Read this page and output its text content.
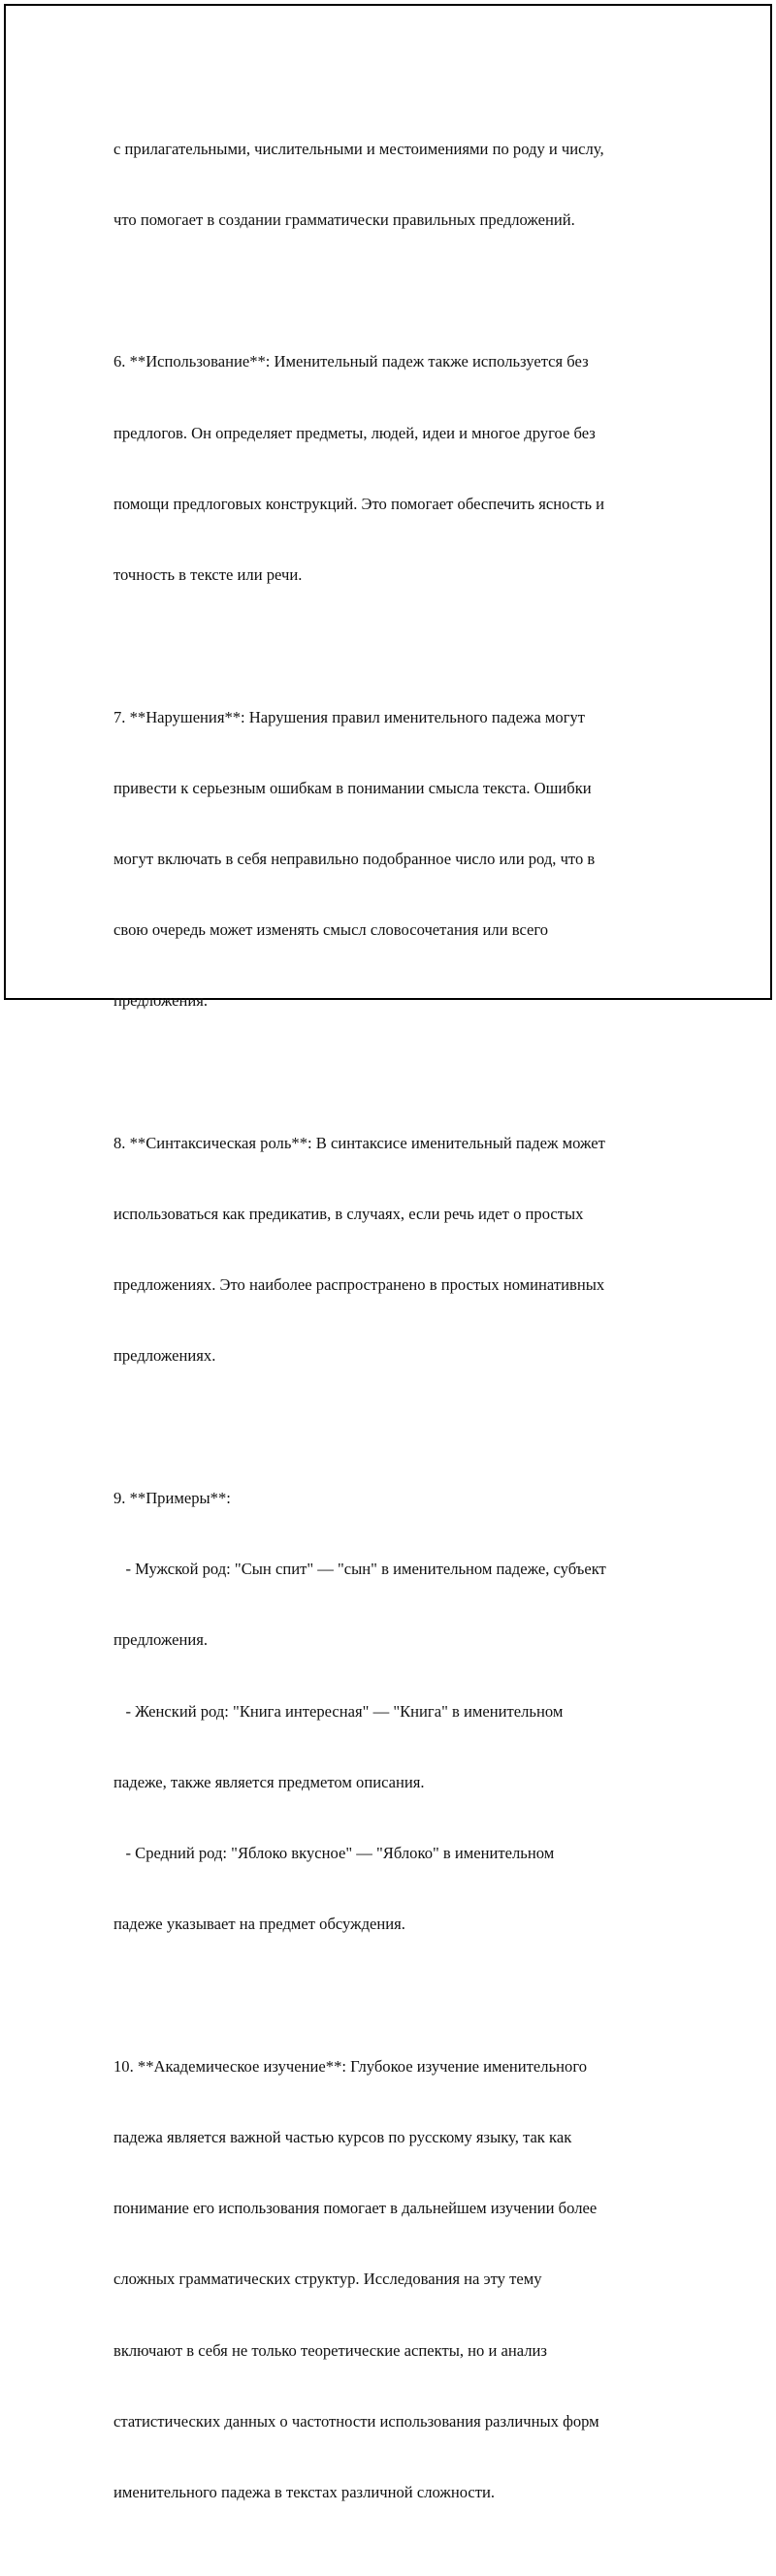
с прилагательными, числительными и местоимениями по роду и числу,

что помогает в создании грамматически правильных предложений.

6. **Использование**: Именительный падеж также используется без

предлогов. Он определяет предметы, людей, идеи и многое другое без

помощи предлоговых конструкций. Это помогает обеспечить ясность и

точность в тексте или речи.

7. **Нарушения**: Нарушения правил именительного падежа могут

привести к серьезным ошибкам в понимании смысла текста. Ошибки

могут включать в себя неправильно подобранное число или род, что в

свою очередь может изменять смысл словосочетания или всего

предложения.

8. **Синтаксическая роль**: В синтаксисе именительный падеж может

использоваться как предикатив, в случаях, если речь идет о простых

предложениях. Это наиболее распространено в простых номинативных

предложениях.

9. **Примеры**:

- Мужской род: "Сын спит" — "сын" в именительном падеже, субъект

предложения.

- Женский род: "Книга интересная" — "Книга" в именительном

падеже, также является предметом описания.

- Средний род: "Яблоко вкусное" — "Яблоко" в именительном

падеже указывает на предмет обсуждения.

10. **Академическое изучение**: Глубокое изучение именительного

падежа является важной частью курсов по русскому языку, так как

понимание его использования помогает в дальнейшем изучении более

сложных грамматических структур. Исследования на эту тему

включают в себя не только теоретические аспекты, но и анализ

статистических данных о частотности использования различных форм

именительного падежа в текстах различной сложности.
